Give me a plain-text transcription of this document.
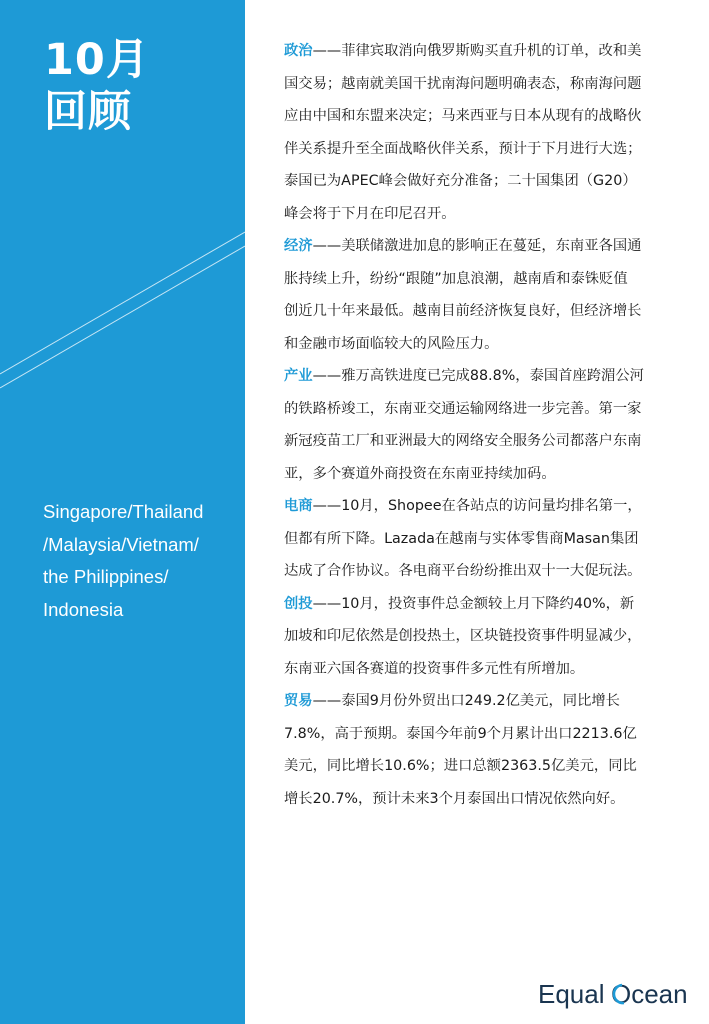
10月
回顾
Singapore/Thailand
/Malaysia/Vietnam/
the Philippines/
Indonesia
政治——菲律宾取消向俄罗斯购买直升机的订单，改和美
国交易；越南就美国干扰南海问题明确表态，称南海问题
应由中国和东盟来决定；马来西亚与日本从现有的战略伙
伴关系提升至全面战略伙伴关系，预计于下月进行大选；
泰国已为APEC峰会做好充分准备；二十国集团（G20）
峰会将于下月在印尼召开。
经济——美联储激进加息的影响正在蔓延，东南亚各国通
胀持续上升，纷纷“跟随”加息浪潮，越南盾和泰铢贬值
创近几十年来最低。越南目前经济恢复良好，但经济增长
和金融市场面临较大的风险压力。
产业——雅万高铁进度已完成88.8%，泰国首座跨湄公河
的铁路桥竣工，东南亚交通运输网络进一步完善。第一家
新冠疫苗工厂和亚洲最大的网络安全服务公司都落户东南
亚，多个赛道外商投资在东南亚持续加码。
电商——10月，Shopee在各站点的访问量均排名第一，
但都有所下降。Lazada在越南与实体零售商Masan集团
达成了合作协议。各电商平台纷纷推出双十一大促玩法。
创投——10月，投资事件总金额较上月下降约40%，新
加坡和印尼依然是创投热土，区块链投资事件明显减少，
东南亚六国各赛道的投资事件多元性有所增加。
贸易——泰国9月份外贸出口249.2亿美元，同比增长
7.8%，高于预期。泰国今年前9个月累计出口2213.6亿
美元，同比增长10.6%；进口总额2363.5亿美元，同比
增长20.7%，预计未来3个月泰国出口情况依然向好。
Equal Ocean
